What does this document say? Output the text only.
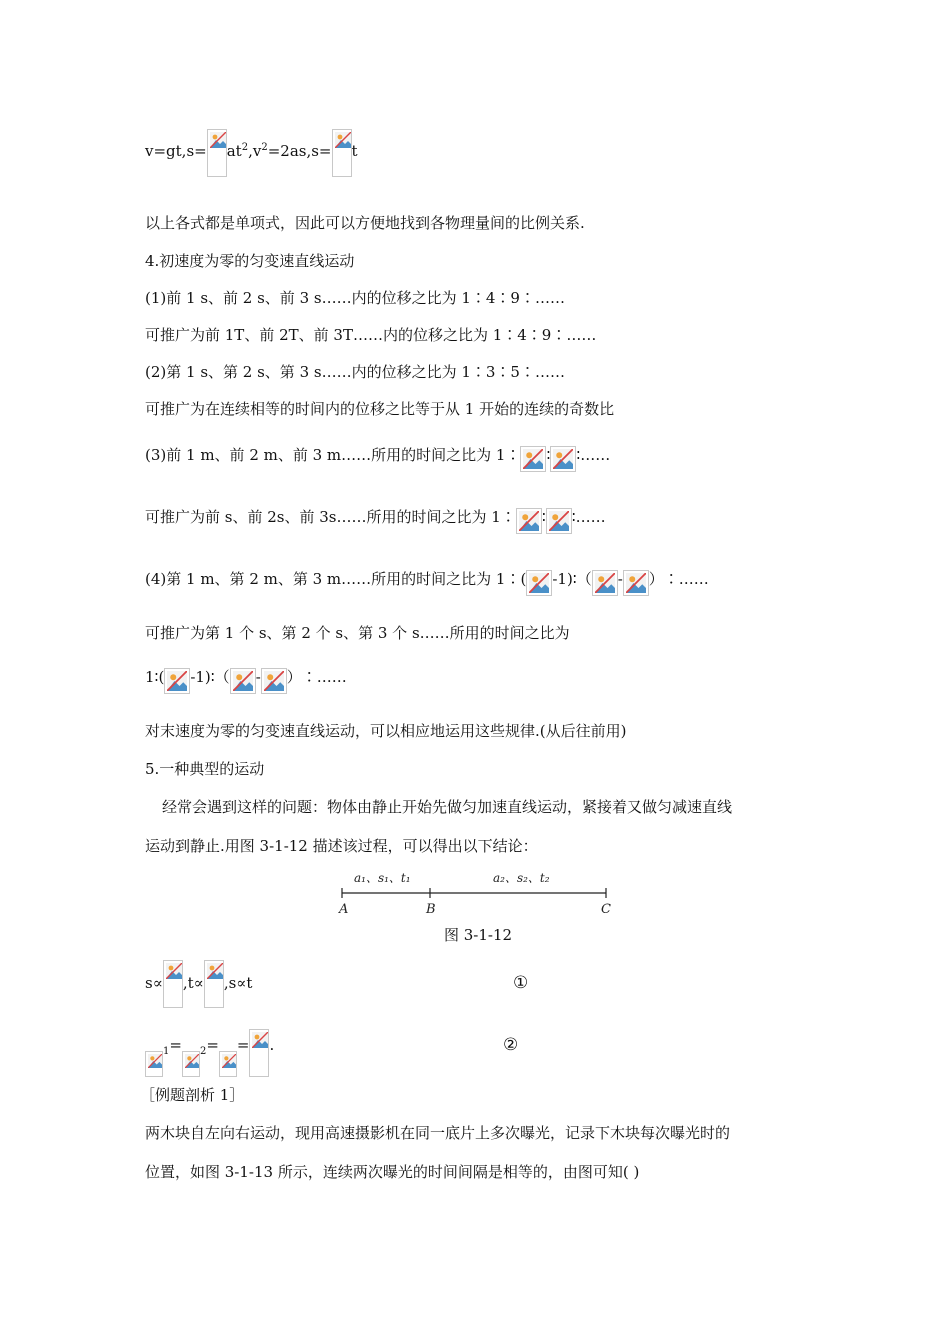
$v=gt,s= at^2,v^2=2as,s= t$
以上各式都是单项式，因此可以方便地找到各物理量间的比例关系.
4.初速度为零的匀变速直线运动
(1)前 1 s、前 2 s、前 3 s……内的位移之比为 1∶4∶9∶……
可推广为前 1T、前 2T、前 3T……内的位移之比为 1∶4∶9∶……
(2)第 1 s、第 2 s、第 3 s……内的位移之比为 1∶3∶5∶……
可推广为在连续相等的时间内的位移之比等于从 1 开始的连续的奇数比
(3)前 1 m、前 2 m、前 3 m……所用的时间之比为 1∶ ∶ ∶……
可推广为前 s、前 2s、前 3s……所用的时间之比为 1∶ ∶ ∶……
(4)第 1 m、第 2 m、第 3 m……所用的时间之比为 1∶( -1)∶（ - ）∶……
可推广为第 1 个 s、第 2 个 s、第 3 个 s……所用的时间之比为
1∶( -1)∶（ - ）∶……
对末速度为零的匀变速直线运动，可以相应地运用这些规律.(从后往前用)
5.一种典型的运动
经常会遇到这样的问题：物体由静止开始先做匀加速直线运动，紧接着又做匀减速直线
运动到静止.用图 3-1-12 描述该过程，可以得出以下结论：
a₁、s₁、t₁	a₂、s₂、t₂
A	B	C
图 3-1-12
s∝ ,t∝ ,s∝t	①
$_1$= $_2$= = .	②
［例题剖析 1］
两木块自左向右运动，现用高速摄影机在同一底片上多次曝光，记录下木块每次曝光时的
位置，如图 3-1-13 所示，连续两次曝光的时间间隔是相等的，由图可知( )
